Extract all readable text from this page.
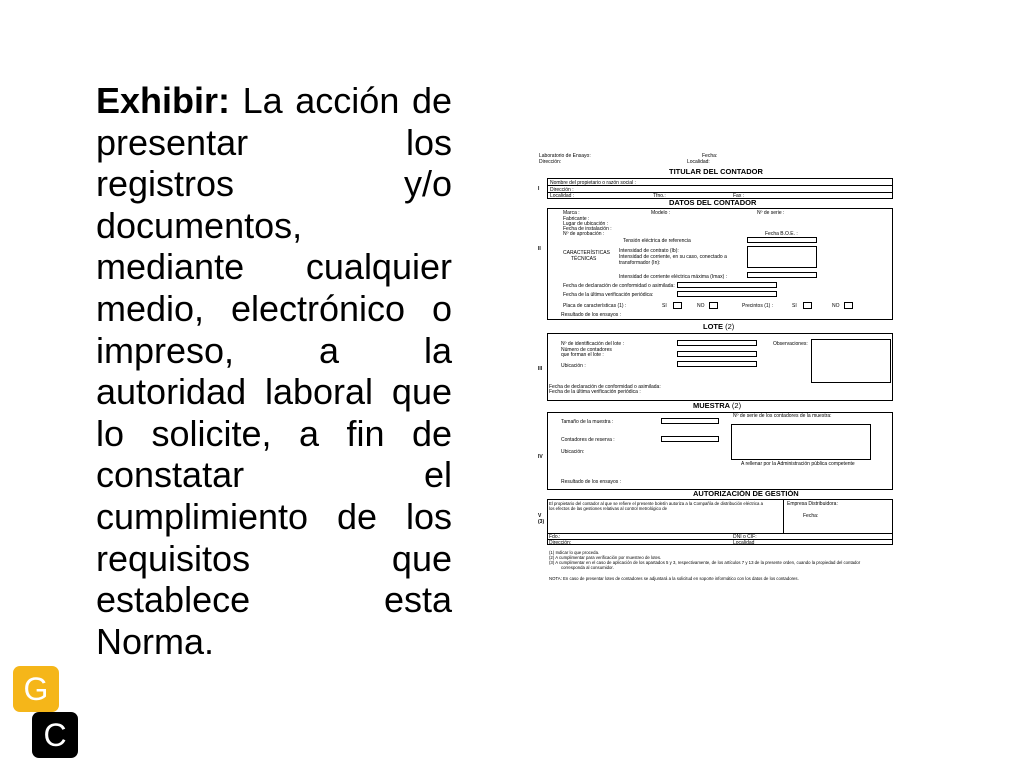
Exhibir: La acción de presentar los registros y/o documentos, mediante cualquier medio, electrónico o impreso, a la autoridad laboral que lo solicite, a fin de constatar el cumplimiento de los requisitos que establece esta Norma.
Laboratorio de Ensayo:
Dirección:
Fecha:
Localidad:
TITULAR DEL CONTADOR
I
Nombre del propietario o razón social :
Dirección :
Localidad :	Tfno.:	Fax :
DATOS DEL CONTADOR
II
Marca :	Modelo :	Nº de serie :
Fabricante :
Lugar de ubicación :
Fecha de instalación :
Nº de aprobación :	Fecha B.O.E. :
Tensión eléctrica de referencia
CARACTERÍSTICAS
TÉCNICAS
Intensidad de contrato (Ib):
Intensidad de corriente, en su caso, conectado a
transformador (In):
Intensidad de corriente eléctrica máxima (Imax) :
Fecha de declaración de conformidad o asimilada:
Fecha de la última verificación periódica:
Placa de características (1) :	SI	NO	Precintos (1) :	SI	NO
Resultado de los ensayos :
LOTE (2)
III
Nº de identificación del lote :	Observaciones:
Número de contadores
que forman el lote :
Ubicación :
Fecha de declaración de conformidad o asimilada:
Fecha de la última verificación periódica :
MUESTRA (2)
IV
Tamaño de la muestra :
Nº de serie de los contadores de la muestra:
Contadores de reserva :
Ubicación:
A rellenar por la Administración pública competente
Resultado de los ensayos :
AUTORIZACIÓN DE GESTIÓN
V
(3)
El propietario del contador al que se refiere el presente boletín autoriza a la Compañía de distribución eléctrica a
los efectos de las gestiones relativas al control metrológico de
Empresa Distribuidora:
Fecha:
Fdo.:	DNI o CIF:
Dirección:	Localidad
(1) Indicar lo que proceda.
(2) A cumplimentar para verificación por muestreo de lotes.
(3) A cumplimentar en el caso de aplicación de los apartados 5 y 3, respectivamente, de los artículos 7 y 13 de la presente orden, cuando la propiedad del contador
corresponda al consumidor.
NOTA: En caso de presentar lotes de contadores se adjuntará a la solicitud en soporte informático con los datos de los contadores.
G
C
